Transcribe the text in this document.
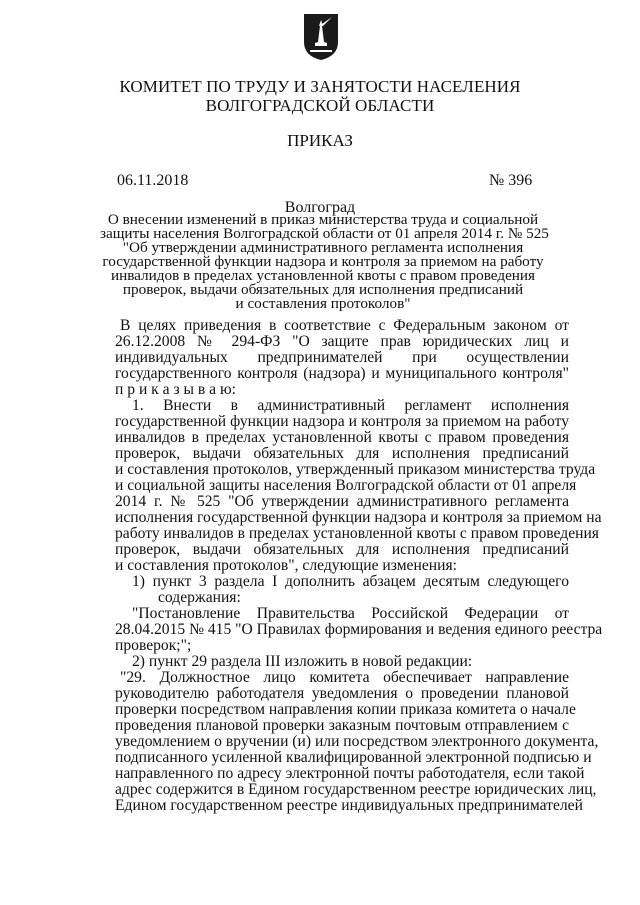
КОМИТЕТ ПО ТРУДУ И ЗАНЯТОСТИ НАСЕЛЕНИЯ
ВОЛГОГРАДСКОЙ ОБЛАСТИ
ПРИКАЗ
06.11.2018	№ 396
Волгоград
О внесении изменений в приказ министерства труда и социальной
защиты населения Волгоградской области от 01 апреля 2014 г. № 525
"Об утверждении административного регламента исполнения
государственной функции надзора и контроля за приемом на работу
инвалидов в пределах установленной квоты с правом проведения
проверок, выдачи обязательных для исполнения предписаний
и составления протоколов"
В целях приведения в соответствие с Федеральным законом от
26.12.2008 № 294-ФЗ "О защите прав юридических лиц и
индивидуальных предпринимателей при осуществлении
государственного контроля (надзора) и муниципального контроля"
п р и к а з ы в а ю:
1. Внести в административный регламент исполнения
государственной функции надзора и контроля за приемом на работу
инвалидов в пределах установленной квоты с правом проведения
проверок, выдачи обязательных для исполнения предписаний
и составления протоколов, утвержденный приказом министерства труда
и социальной защиты населения Волгоградской области от 01 апреля
2014 г. № 525 "Об утверждении административного регламента
исполнения государственной функции надзора и контроля за приемом на
работу инвалидов в пределах установленной квоты с правом проведения
проверок, выдачи обязательных для исполнения предписаний
и составления протоколов", следующие изменения:
1) пункт 3 раздела I дополнить абзацем десятым следующего
содержания:
"Постановление Правительства Российской Федерации от
28.04.2015 № 415 "О Правилах формирования и ведения единого реестра
проверок;";
2) пункт 29 раздела III изложить в новой редакции:
"29. Должностное лицо комитета обеспечивает направление
руководителю работодателя уведомления о проведении плановой
проверки посредством направления копии приказа комитета о начале
проведения плановой проверки заказным почтовым отправлением с
уведомлением о вручении (и) или посредством электронного документа,
подписанного усиленной квалифицированной электронной подписью и
направленного по адресу электронной почты работодателя, если такой
адрес содержится в Едином государственном реестре юридических лиц,
Едином государственном реестре индивидуальных предпринимателей
